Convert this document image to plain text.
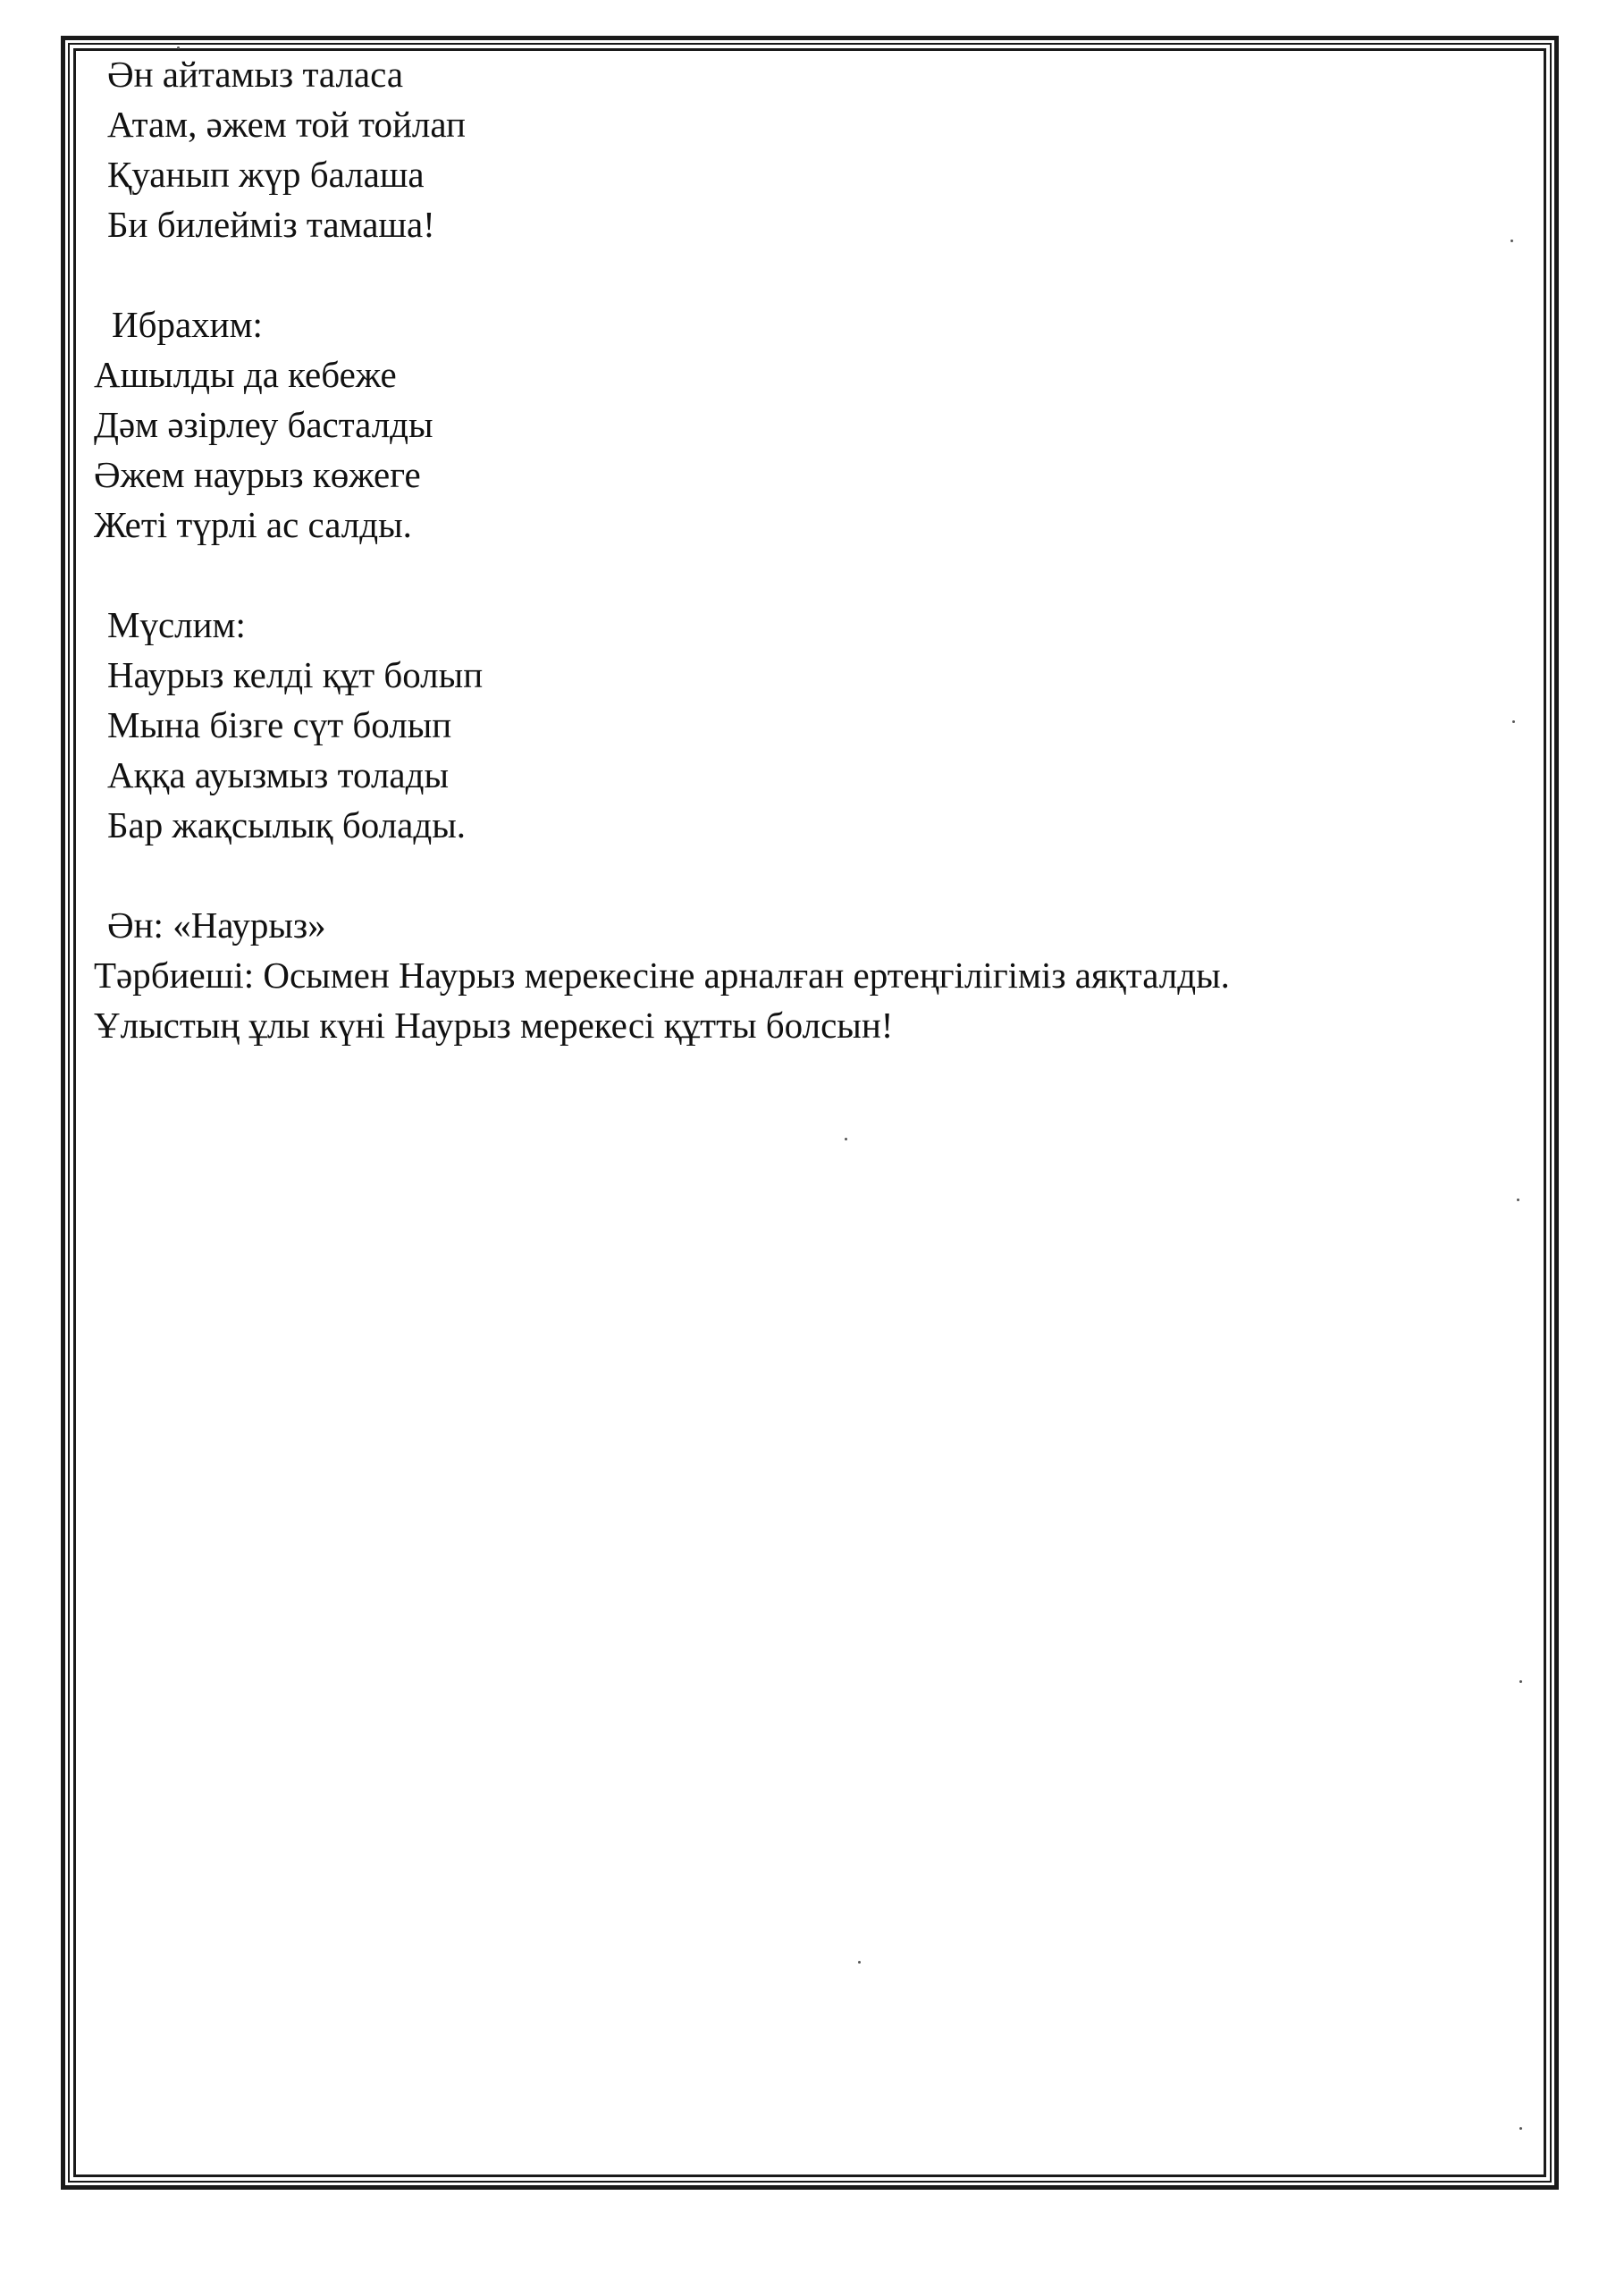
Ән айтамыз таласа

Атам, әжем той тойлап

Қуанып жүр балаша

Би билейміз тамаша!

Ибрахим:

Ашылды да кебеже

Дәм әзірлеу басталды

Әжем наурыз көжеге

Жеті түрлі ас салды.

Мүслим:

Наурыз келді құт болып

Мына бізге сүт болып

Аққа ауызмыз толады

Бар жақсылық болады.

Ән: «Наурыз»

Тәрбиеші: Осымен Наурыз мерекесіне арналған ертеңгілігіміз аяқталды.

Ұлыстың ұлы күні Наурыз мерекесі құтты болсын!
